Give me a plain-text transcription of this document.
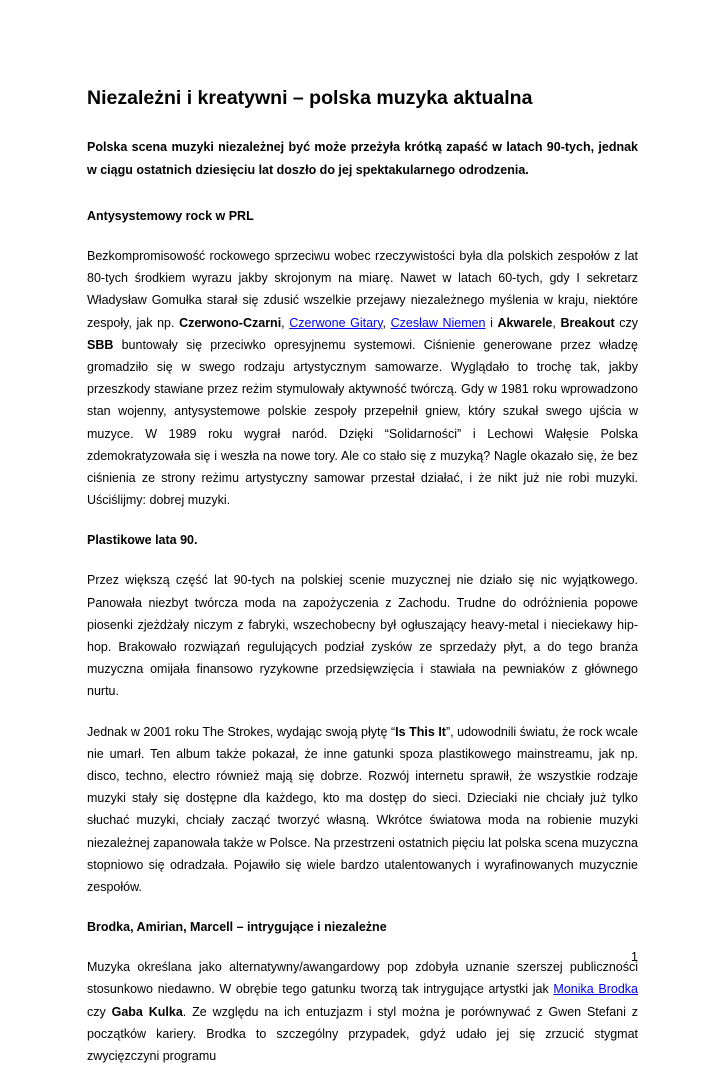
Niezależni i kreatywni – polska muzyka aktualna
Polska scena muzyki niezależnej być może przeżyła krótką zapaść w latach 90-tych, jednak w ciągu ostatnich dziesięciu lat doszło do jej spektakularnego odrodzenia.
Antysystemowy rock w PRL

Bezkompromisowość rockowego sprzeciwu wobec rzeczywistości była dla polskich zespołów z lat 80-tych środkiem wyrazu jakby skrojonym na miarę. Nawet w latach 60-tych, gdy I sekretarz Władysław Gomułka starał się zdusić wszelkie przejawy niezależnego myślenia w kraju, niektóre zespoły, jak np. Czerwono-Czarni, Czerwone Gitary, Czesław Niemen i Akwarele, Breakout czy SBB buntowały się przeciwko opresyjnemu systemowi. Ciśnienie generowane przez władzę gromadziło się w swego rodzaju artystycznym samowarze. Wyglądało to trochę tak, jakby przeszkody stawiane przez reżim stymulowały aktywność twórczą. Gdy w 1981 roku wprowadzono stan wojenny, antysystemowe polskie zespoły przepełnił gniew, który szukał swego ujścia w muzyce. W 1989 roku wygrał naród. Dzięki “Solidarności” i Lechowi Wałęsie Polska zdemokratyzowała się i weszła na nowe tory. Ale co stało się z muzyką? Nagle okazało się, że bez ciśnienia ze strony reżimu artystyczny samowar przestał działać, i że nikt już nie robi muzyki. Uściślijmy: dobrej muzyki.

Plastikowe lata 90.

Przez większą część lat 90-tych na polskiej scenie muzycznej nie działo się nic wyjątkowego. Panowała niezbyt twórcza moda na zapożyczenia z Zachodu. Trudne do odróżnienia popowe piosenki zjeżdżały niczym z fabryki, wszechobecny był ogłuszający heavy-metal i nieciekawy hip-hop. Brakowało rozwiązań regulujących podział zysków ze sprzedaży płyt, a do tego branża muzyczna omijała finansowo ryzykowne przedsięwzięcia i stawiała na pewniaków z głównego nurtu.

Jednak w 2001 roku The Strokes, wydając swoją płytę “Is This It”, udowodnili światu, że rock wcale nie umarł. Ten album także pokazał, że inne gatunki spoza plastikowego mainstreamu, jak np. disco, techno, electro również mają się dobrze. Rozwój internetu sprawił, że wszystkie rodzaje muzyki stały się dostępne dla każdego, kto ma dostęp do sieci. Dzieciaki nie chciały już tylko słuchać muzyki, chciały zacząć tworzyć własną. Wkrótce światowa moda na robienie muzyki niezależnej zapanowała także w Polsce. Na przestrzeni ostatnich pięciu lat polska scena muzyczna stopniowo się odradzała. Pojawiło się wiele bardzo utalentowanych i wyrafinowanych muzycznie zespołów.

Brodka, Amirian, Marcell – intrygujące i niezależne

Muzyka określana jako alternatywny/awangardowy pop zdobyła uznanie szerszej publiczności stosunkowo niedawno. W obrębie tego gatunku tworzą tak intrygujące artystki jak Monika Brodka czy Gaba Kulka. Ze względu na ich entuzjazm i styl można je porównywać z Gwen Stefani z początków kariery. Brodka to szczególny przypadek, gdyż udało jej się zrzucić stygmat zwycięzczyni programu

1
